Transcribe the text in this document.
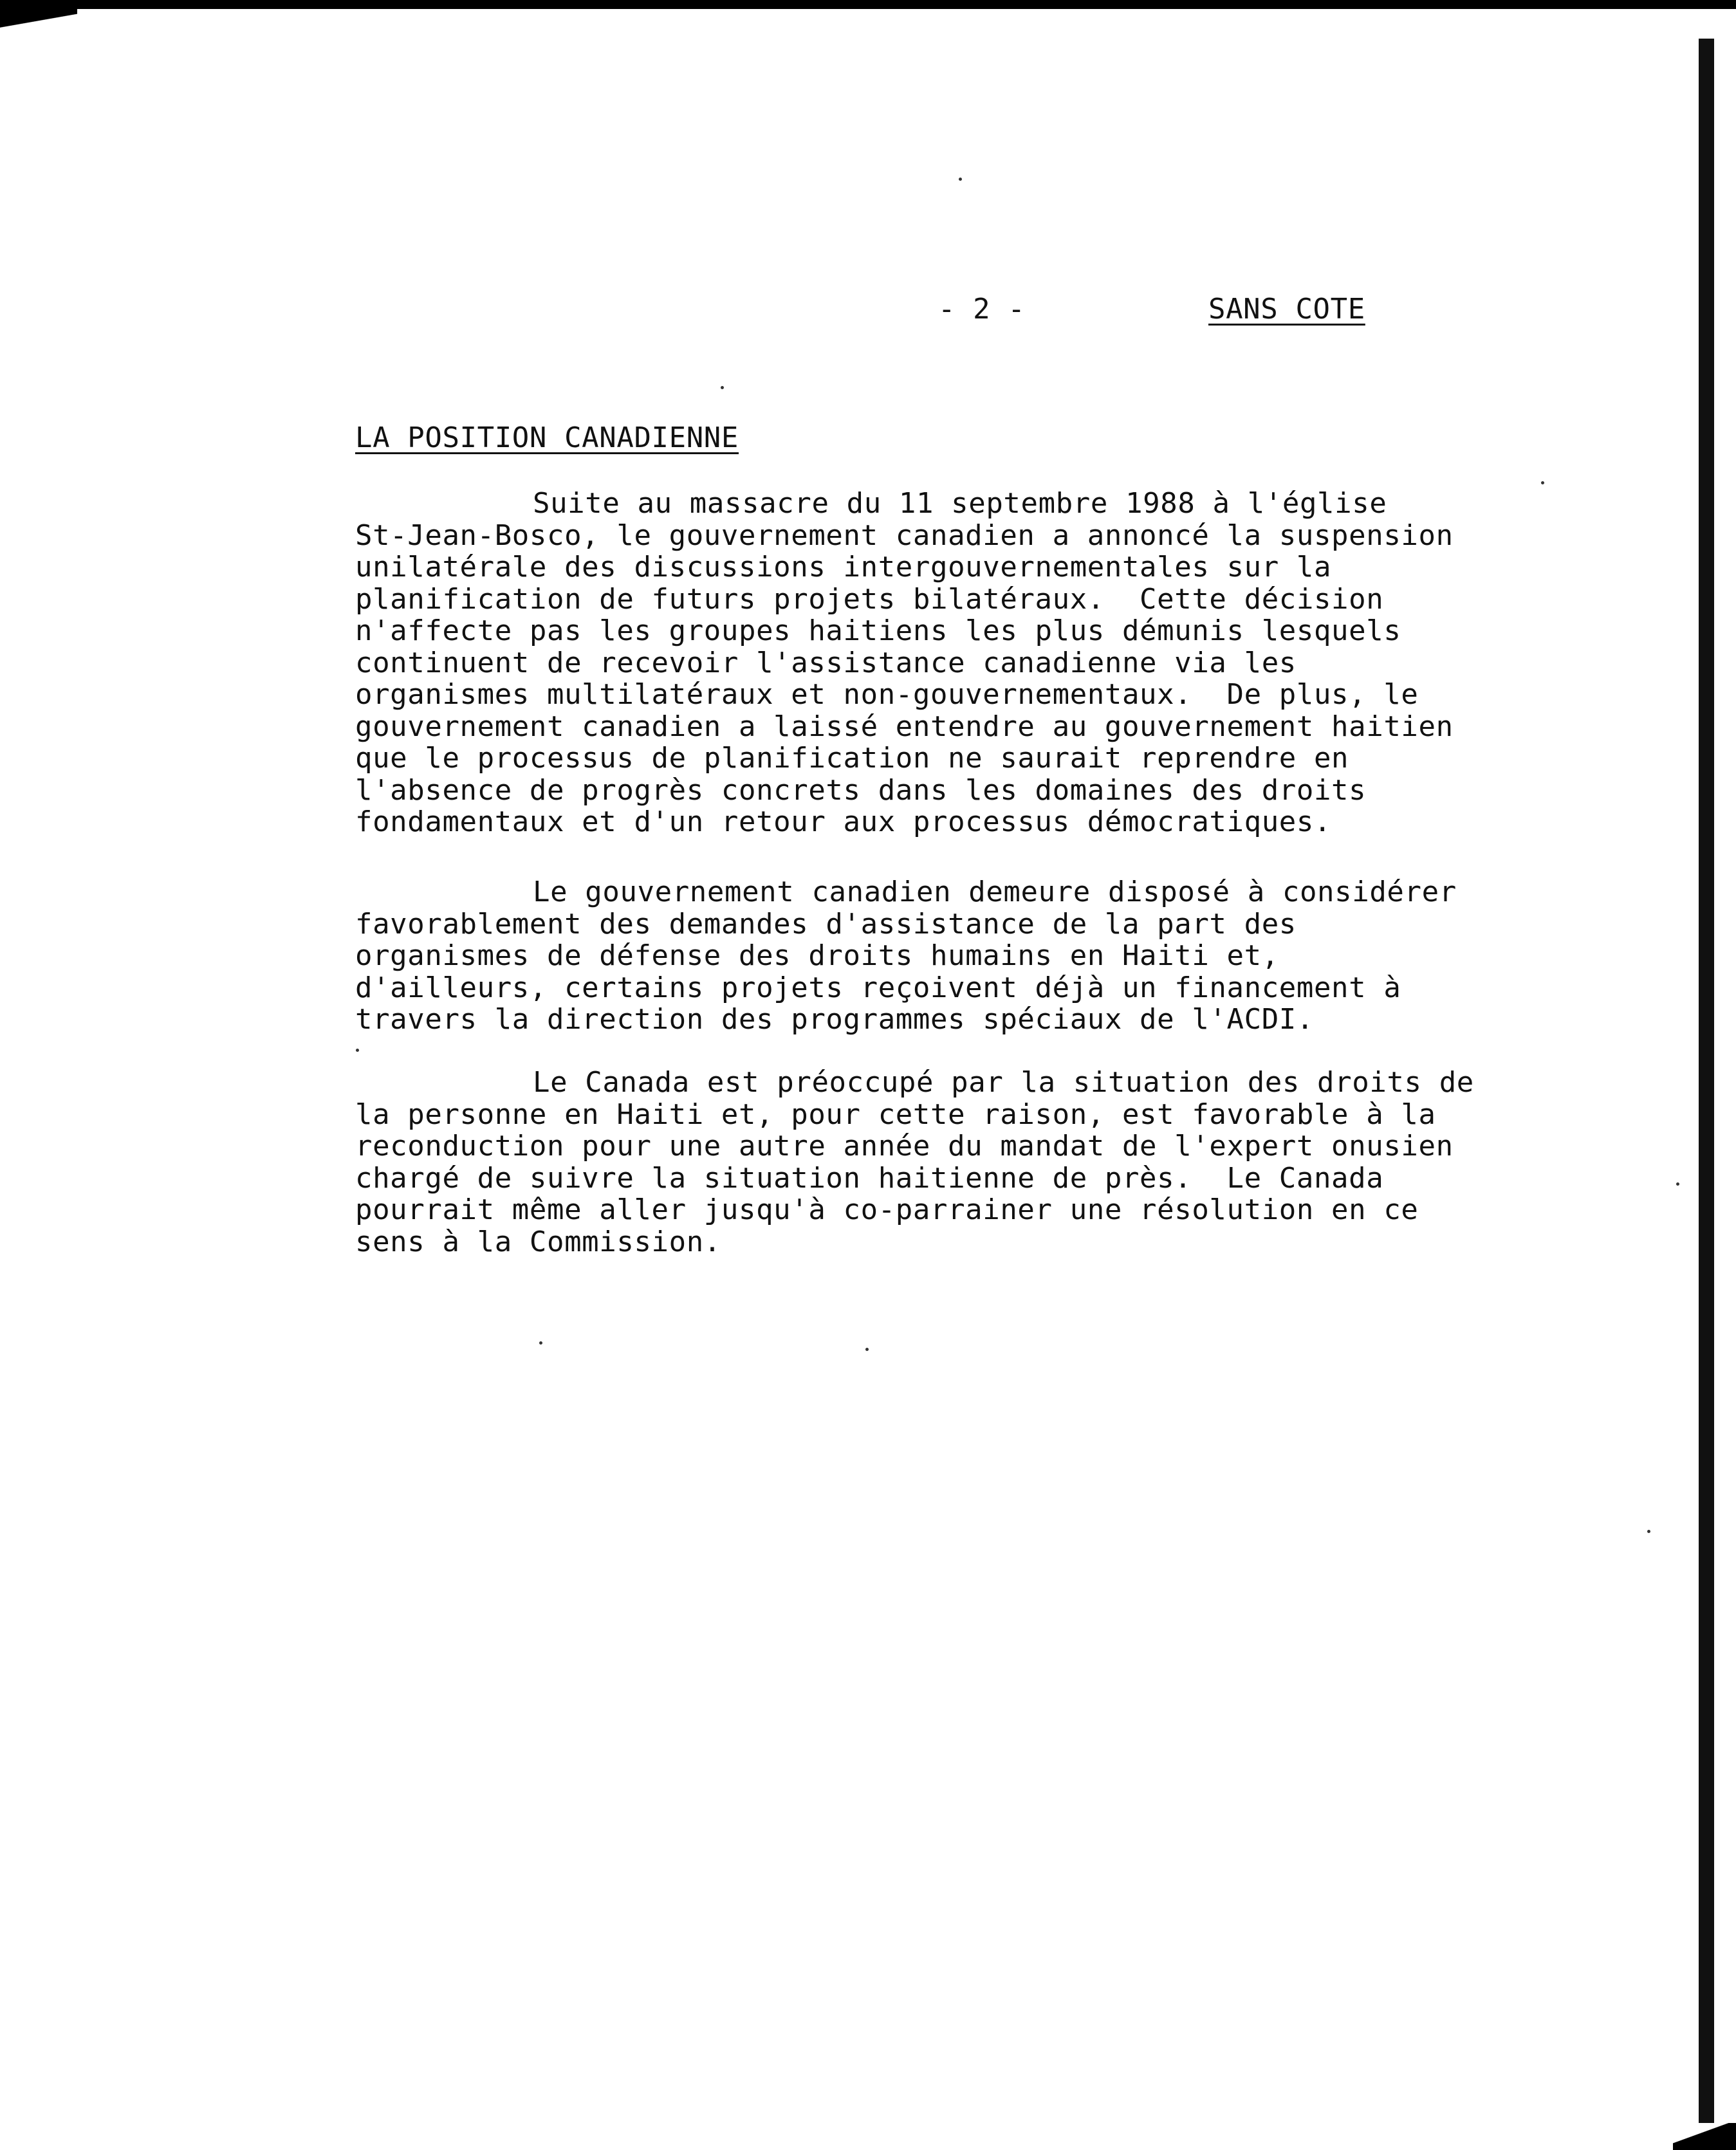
- 2 -	SANS COTE
LA POSITION CANADIENNE
Suite au massacre du 11 septembre 1988 à l'église
St-Jean-Bosco, le gouvernement canadien a annoncé la suspension
unilatérale des discussions intergouvernementales sur la
planification de futurs projets bilatéraux.  Cette décision
n'affecte pas les groupes haitiens les plus démunis lesquels
continuent de recevoir l'assistance canadienne via les
organismes multilatéraux et non-gouvernementaux.  De plus, le
gouvernement canadien a laissé entendre au gouvernement haitien
que le processus de planification ne saurait reprendre en
l'absence de progrès concrets dans les domaines des droits
fondamentaux et d'un retour aux processus démocratiques.
Le gouvernement canadien demeure disposé à considérer
favorablement des demandes d'assistance de la part des
organismes de défense des droits humains en Haiti et,
d'ailleurs, certains projets reçoivent déjà un financement à
travers la direction des programmes spéciaux de l'ACDI.
Le Canada est préoccupé par la situation des droits de
la personne en Haiti et, pour cette raison, est favorable à la
reconduction pour une autre année du mandat de l'expert onusien
chargé de suivre la situation haitienne de près.  Le Canada
pourrait même aller jusqu'à co-parrainer une résolution en ce
sens à la Commission.
